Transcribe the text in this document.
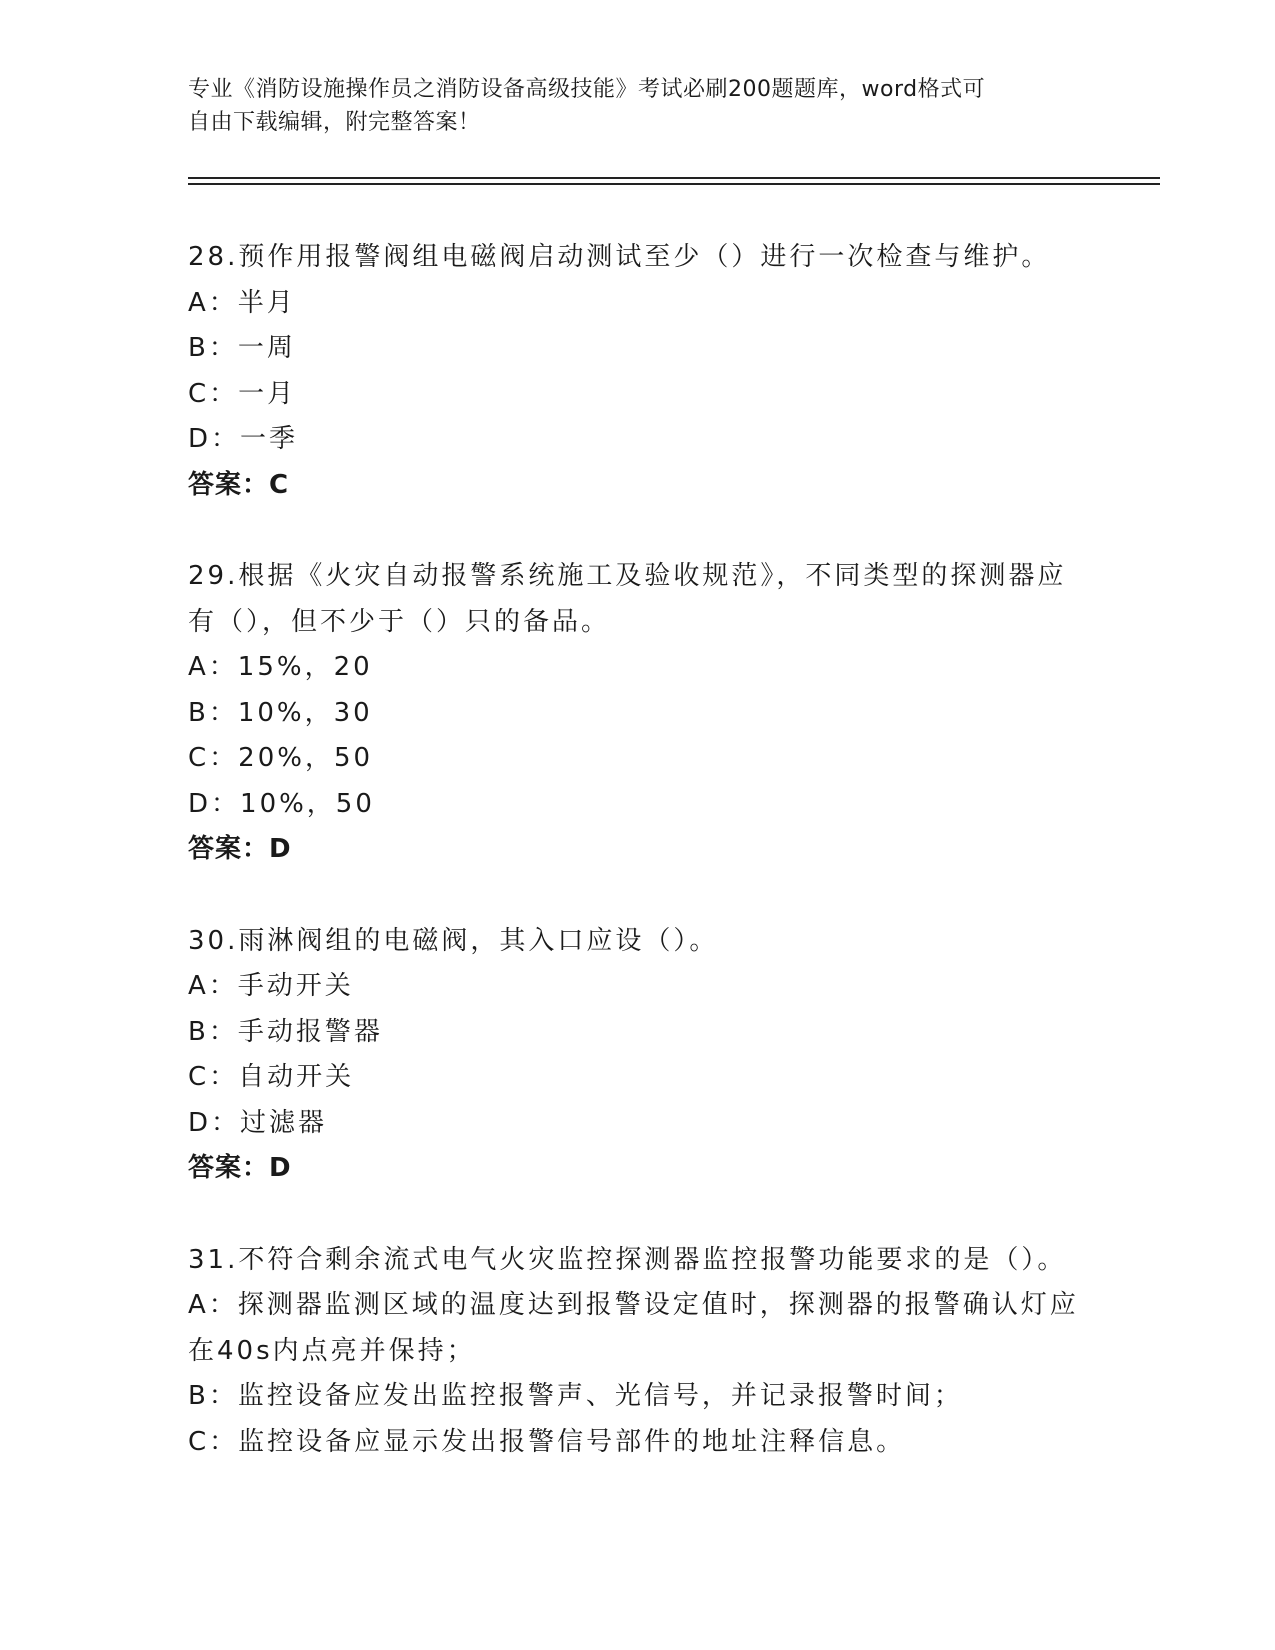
专业《消防设施操作员之消防设备高级技能》考试必刷200题题库，word格式可
自由下载编辑，附完整答案！
28.预作用报警阀组电磁阀启动测试至少（）进行一次检查与维护。
A：半月
B：一周
C：一月
D：一季
答案：C
29.根据《火灾自动报警系统施工及验收规范》，不同类型的探测器应
有（），但不少于（）只的备品。
A：15%，20
B：10%，30
C：20%，50
D：10%，50
答案：D
30.雨淋阀组的电磁阀，其入口应设（）。
A：手动开关
B：手动报警器
C：自动开关
D：过滤器
答案：D
31.不符合剩余流式电气火灾监控探测器监控报警功能要求的是（）。
A：探测器监测区域的温度达到报警设定值时，探测器的报警确认灯应
在40s内点亮并保持；
B：监控设备应发出监控报警声、光信号，并记录报警时间；
C：监控设备应显示发出报警信号部件的地址注释信息。
